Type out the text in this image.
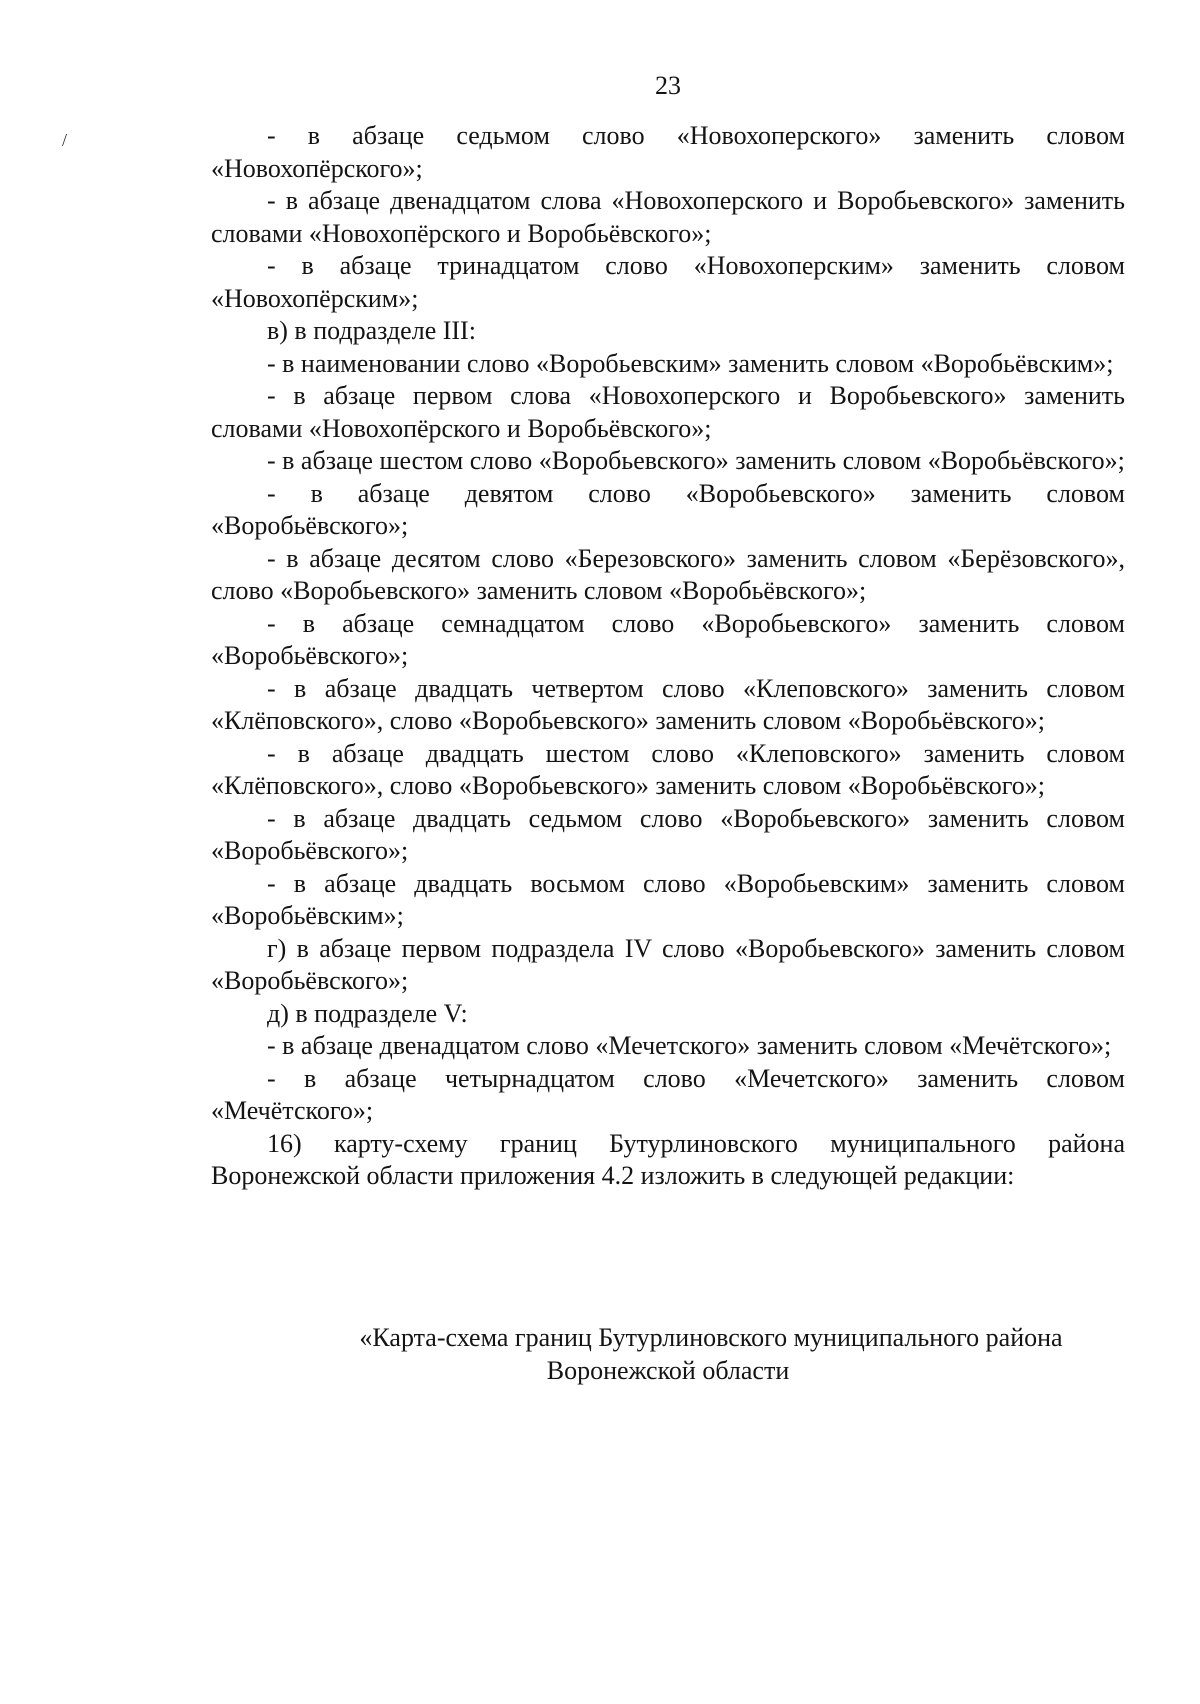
23
/	- в абзаце седьмом слово «Новохоперского» заменить словом «Новохопёрского»;

- в абзаце двенадцатом слова «Новохоперского и Воробьевского» заменить словами «Новохопёрского и Воробьёвского»;

- в абзаце тринадцатом слово «Новохоперским» заменить словом «Новохопёрским»;

в) в подразделе III:

- в наименовании слово «Воробьевским» заменить словом «Воробьёвским»;

- в абзаце первом слова «Новохоперского и Воробьевского» заменить словами «Новохопёрского и Воробьёвского»;

- в абзаце шестом слово «Воробьевского» заменить словом «Воробьёвского»;

- в абзаце девятом слово «Воробьевского» заменить словом «Воробьёвского»;

- в абзаце десятом слово «Березовского» заменить словом «Берёзовского», слово «Воробьевского» заменить словом «Воробьёвского»;

- в абзаце семнадцатом слово «Воробьевского» заменить словом «Воробьёвского»;

- в абзаце двадцать четвертом слово «Клеповского» заменить словом «Клёповского», слово «Воробьевского» заменить словом «Воробьёвского»;

- в абзаце двадцать шестом слово «Клеповского» заменить словом «Клёповского», слово «Воробьевского» заменить словом «Воробьёвского»;

- в абзаце двадцать седьмом слово «Воробьевского» заменить словом «Воробьёвского»;

- в абзаце двадцать восьмом слово «Воробьевским» заменить словом «Воробьёвским»;

г) в абзаце первом подраздела IV слово «Воробьевского» заменить словом «Воробьёвского»;

д) в подразделе V:

- в абзаце двенадцатом слово «Мечетского» заменить словом «Мечётского»;

- в абзаце четырнадцатом слово «Мечетского» заменить словом «Мечётского»;

16) карту-схему границ Бутурлиновского муниципального района Воронежской области приложения 4.2 изложить в следующей редакции:

«Карта-схема границ Бутурлиновского муниципального района
Воронежской области
